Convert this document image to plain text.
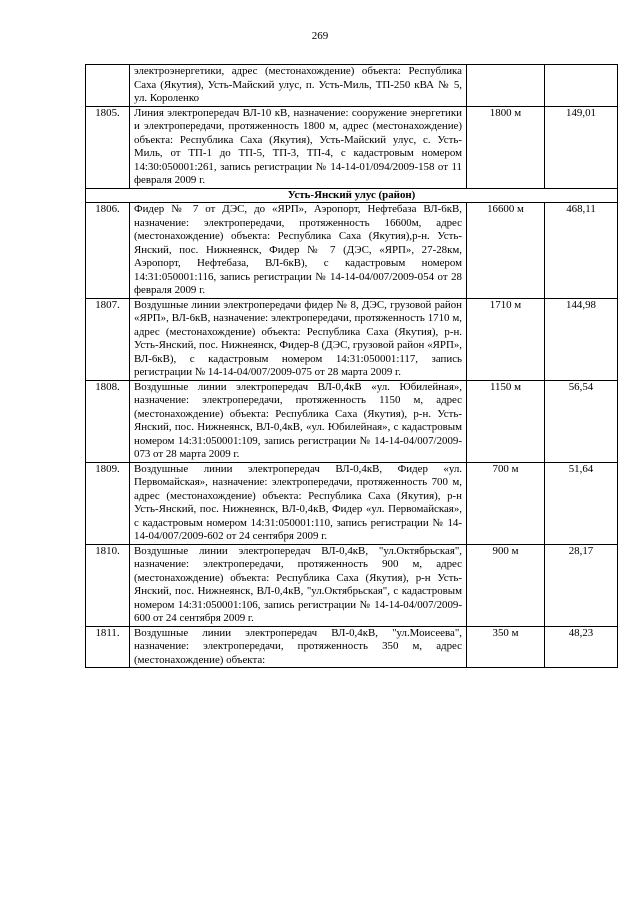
269
	электроэнергетики, адрес (местонахождение) объекта: Республика Саха (Якутия), Усть-Майский улус, п. Усть-Миль, ТП-250 кВА № 5, ул. Короленко		
1805.	Линия электропередач ВЛ-10 кВ, назначение: сооружение энергетики и электропередачи, протяженность 1800 м, адрес (местонахождение) объекта: Республика Саха (Якутия), Усть-Майский улус, с. Усть-Миль, от ТП-1 до ТП-5, ТП-3, ТП-4, с кадастровым номером 14:30:050001:261, запись регистрации № 14-14-01/094/2009-158 от 11 февраля 2009 г.	1800 м	149,01
Усть-Янский улус (район)			
1806.	Фидер № 7 от ДЭС, до «ЯРП», Аэропорт, Нефтебаза ВЛ-6кВ, назначение: электропередачи, протяженность 16600м, адрес (местонахождение) объекта: Республика Саха (Якутия),р-н. Усть-Янский, пос. Нижнеянск, Фидер № 7 (ДЭС, «ЯРП», 27-28км, Аэропорт, Нефтебаза, ВЛ-6кВ), с кадастровым номером 14:31:050001:116, запись регистрации № 14-14-04/007/2009-054 от 28 февраля 2009 г.	16600 м	468,11
1807.	Воздушные линии электропередачи фидер № 8, ДЭС, грузовой район «ЯРП», ВЛ-6кВ, назначение: электропередачи, протяженность 1710 м, адрес (местонахождение) объекта: Республика Саха (Якутия), р-н. Усть-Янский, пос. Нижнеянск, Фидер-8 (ДЭС, грузовой район «ЯРП», ВЛ-6кВ), с кадастровым номером 14:31:050001:117, запись регистрации № 14-14-04/007/2009-075 от 28 марта 2009 г.	1710 м	144,98
1808.	Воздушные линии электропередач ВЛ-0,4кВ «ул. Юбилейная», назначение: электропередачи, протяженность 1150 м, адрес (местонахождение) объекта: Республика Саха (Якутия), р-н. Усть-Янский, пос. Нижнеянск, ВЛ-0,4кВ, «ул. Юбилейная», с кадастровым номером 14:31:050001:109, запись регистрации № 14-14-04/007/2009-073 от 28 марта 2009 г.	1150 м	56,54
1809.	Воздушные линии электропередач ВЛ-0,4кВ, Фидер «ул. Первомайская», назначение: электропередачи, протяженность 700 м, адрес (местонахождение) объекта: Республика Саха (Якутия), р-н Усть-Янский, пос. Нижнеянск, ВЛ-0,4кВ, Фидер «ул. Первомайская», с кадастровым номером 14:31:050001:110, запись регистрации № 14-14-04/007/2009-602 от 24 сентября 2009 г.	700 м	51,64
1810.	Воздушные линии электропередач ВЛ-0,4кВ, "ул.Октябрьская", назначение: электропередачи, протяженность 900 м, адрес (местонахождение) объекта: Республика Саха (Якутия), р-н Усть-Янский, пос. Нижнеянск, ВЛ-0,4кВ, "ул.Октябрьская", с кадастровым номером 14:31:050001:106, запись регистрации № 14-14-04/007/2009-600 от 24 сентября 2009 г.	900 м	28,17
1811.	Воздушные линии электропередач ВЛ-0,4кВ, "ул.Моисеева", назначение: электропередачи, протяженность 350 м, адрес (местонахождение) объекта:	350 м	48,23
